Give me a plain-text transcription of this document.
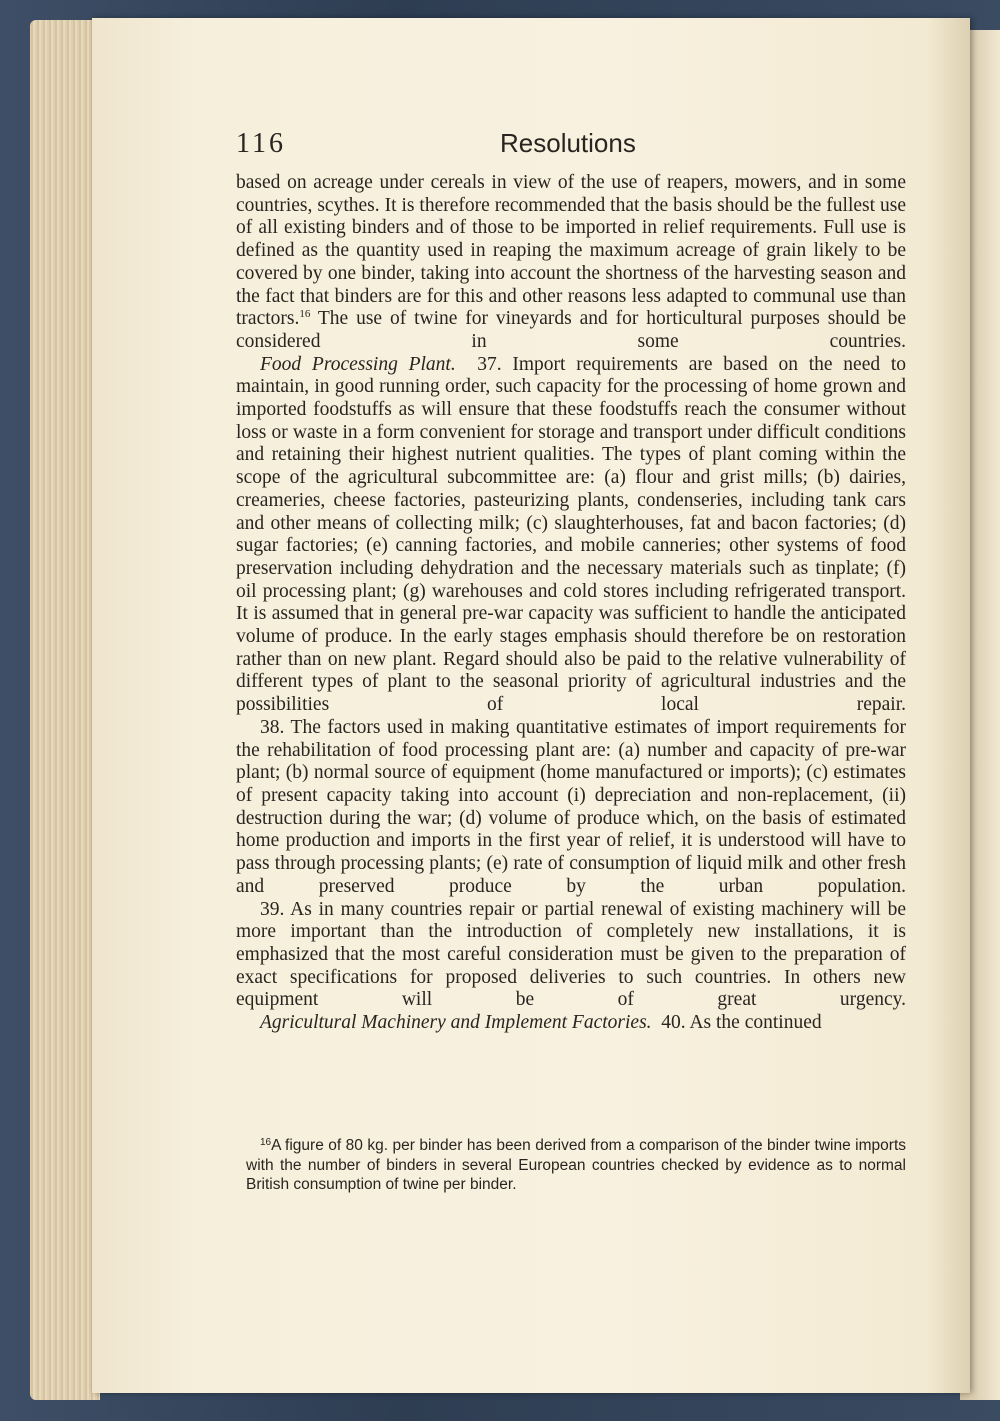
116	Resolutions

based on acreage under cereals in view of the use of reapers, mowers, and in some countries, scythes. It is therefore recommended that the basis should be the fullest use of all existing binders and of those to be imported in relief requirements. Full use is defined as the quantity used in reaping the maximum acreage of grain likely to be covered by one binder, taking into account the shortness of the harvesting season and the fact that binders are for this and other reasons less adapted to communal use than tractors.$^{16}$ The use of twine for vineyards and for horticultural purposes should be considered in some countries.

Food Processing Plant. 37. Import requirements are based on the need to maintain, in good running order, such capacity for the processing of home grown and imported foodstuffs as will ensure that these foodstuffs reach the consumer without loss or waste in a form convenient for storage and transport under difficult conditions and retaining their highest nutrient qualities. The types of plant coming within the scope of the agricultural subcommittee are: (a) flour and grist mills; (b) dairies, creameries, cheese factories, pasteurizing plants, condenseries, including tank cars and other means of collecting milk; (c) slaughterhouses, fat and bacon factories; (d) sugar factories; (e) canning factories, and mobile canneries; other systems of food preservation including dehydration and the necessary materials such as tinplate; (f) oil processing plant; (g) warehouses and cold stores including refrigerated transport.

It is assumed that in general pre-war capacity was sufficient to handle the anticipated volume of produce. In the early stages emphasis should therefore be on restoration rather than on new plant. Regard should also be paid to the relative vulnerability of different types of plant to the seasonal priority of agricultural industries and the possibilities of local repair.

38. The factors used in making quantitative estimates of import requirements for the rehabilitation of food processing plant are: (a) number and capacity of pre-war plant; (b) normal source of equipment (home manufactured or imports); (c) estimates of present capacity taking into account (i) depreciation and non-replacement, (ii) destruction during the war; (d) volume of produce which, on the basis of estimated home production and imports in the first year of relief, it is understood will have to pass through processing plants; (e) rate of consumption of liquid milk and other fresh and preserved produce by the urban population.

39. As in many countries repair or partial renewal of existing machinery will be more important than the introduction of completely new installations, it is emphasized that the most careful consideration must be given to the preparation of exact specifications for proposed deliveries to such countries. In others new equipment will be of great urgency.

Agricultural Machinery and Implement Factories. 40. As the continued

$^{16}$A figure of 80 kg. per binder has been derived from a comparison of the binder twine imports with the number of binders in several European countries checked by evidence as to normal British consumption of twine per binder.
